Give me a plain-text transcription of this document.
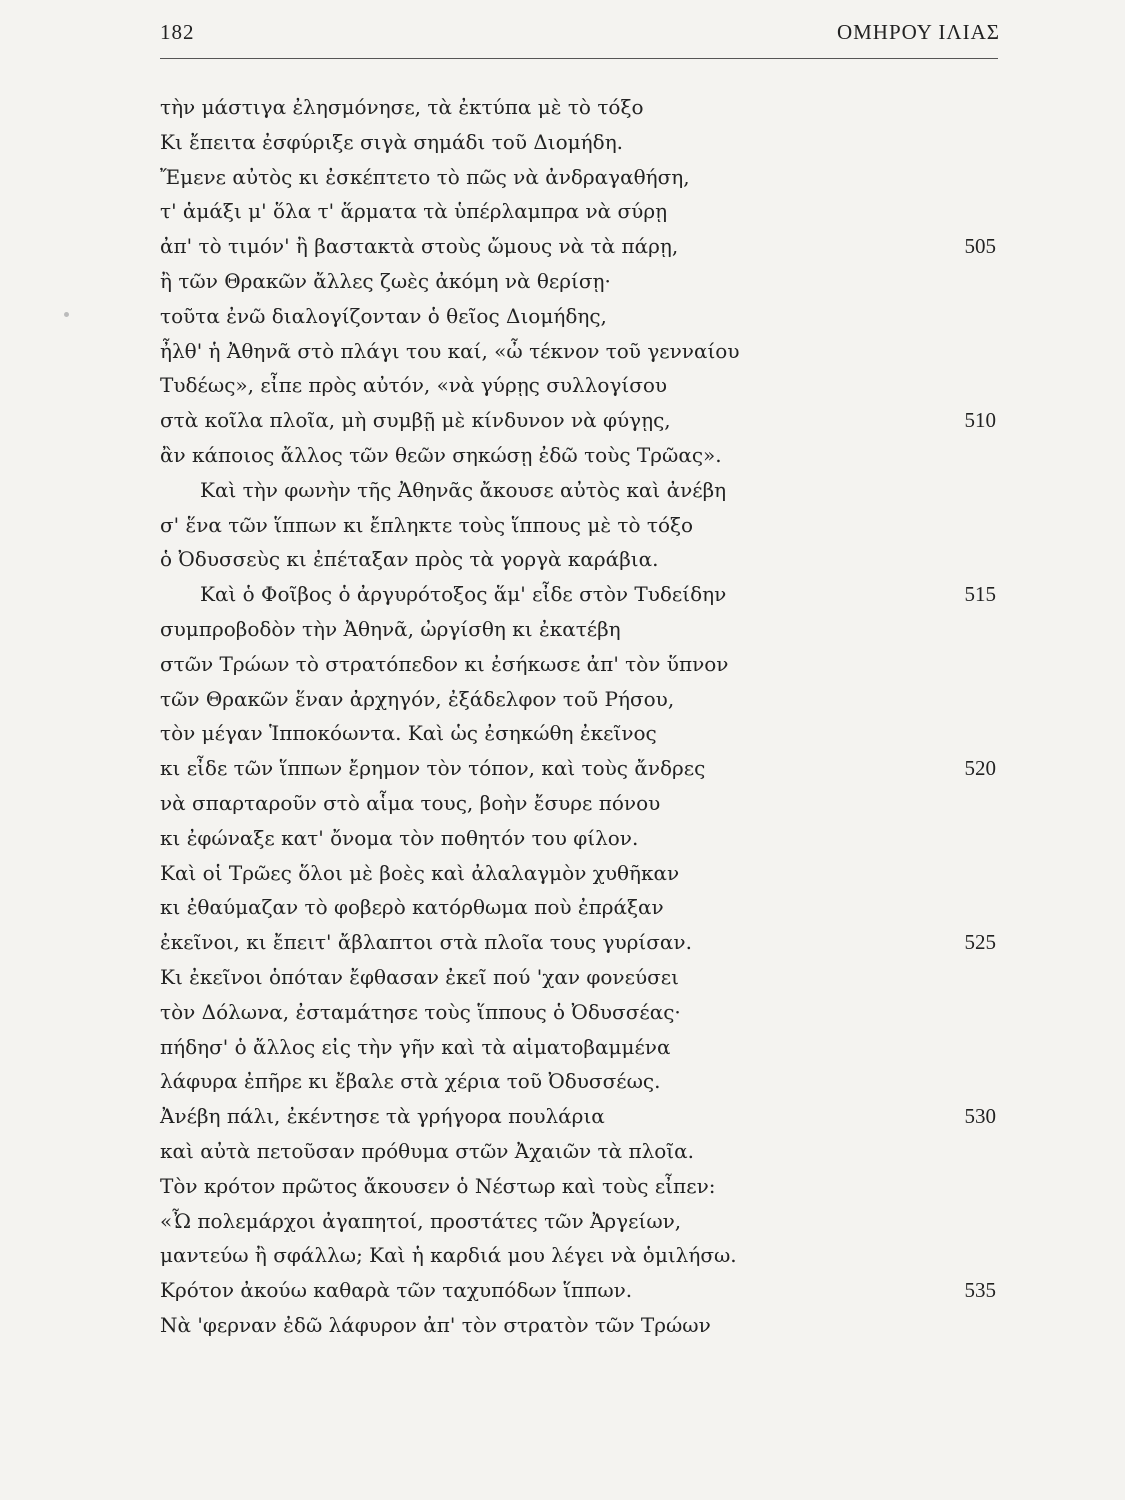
182	ΟΜΗΡΟΥ ΙΛΙΑΣ
τὴν μάστιγα ἐλησμόνησε, τὰ ἐκτύπα μὲ τὸ τόξο
Κι ἔπειτα ἐσφύριξε σιγὰ σημάδι τοῦ Διομήδη.
Ἔμενε αὐτὸς κι ἐσκέπτετο τὸ πῶς νὰ ἀνδραγαθήση,
τ' ἁμάξι μ' ὅλα τ' ἅρματα τὰ ὑπέρλαμπρα νὰ σύρῃ
ἀπ' τὸ τιμόν' ἢ βαστακτὰ στοὺς ὤμους νὰ τὰ πάρῃ,	505
ἢ τῶν Θρακῶν ἄλλες ζωὲς ἀκόμη νὰ θερίσῃ·
τοῦτα ἐνῶ διαλογίζονταν ὁ θεῖος Διομήδης,
ἦλθ' ἡ Ἀθηνᾶ στὸ πλάγι του καί, «ὦ τέκνον τοῦ γενναίου
Τυδέως», εἶπε πρὸς αὐτόν, «νὰ γύρῃς συλλογίσου
στὰ κοῖλα πλοῖα, μὴ συμβῇ μὲ κίνδυνον νὰ φύγῃς,	510
ἂν κάποιος ἄλλος τῶν θεῶν σηκώσῃ ἐδῶ τοὺς Τρῶας».
Καὶ τὴν φωνὴν τῆς Ἀθηνᾶς ἄκουσε αὐτὸς καὶ ἀνέβη
σ' ἕνα τῶν ἵππων κι ἔπληκτε τοὺς ἵππους μὲ τὸ τόξο
ὁ Ὀδυσσεὺς κι ἐπέταξαν πρὸς τὰ γοργὰ καράβια.
Καὶ ὁ Φοῖβος ὁ ἀργυρότοξος ἅμ' εἶδε στὸν Τυδείδην	515
συμπροβοδὸν τὴν Ἀθηνᾶ, ὠργίσθη κι ἐκατέβη
στῶν Τρώων τὸ στρατόπεδον κι ἐσήκωσε ἀπ' τὸν ὕπνον
τῶν Θρακῶν ἕναν ἀρχηγόν, ἐξάδελφον τοῦ Ρήσου,
τὸν μέγαν Ἱπποκόωντα. Καὶ ὡς ἐσηκώθη ἐκεῖνος
κι εἶδε τῶν ἵππων ἔρημον τὸν τόπον, καὶ τοὺς ἄνδρες	520
νὰ σπαρταροῦν στὸ αἷμα τους, βοὴν ἔσυρε πόνου
κι ἐφώναξε κατ' ὄνομα τὸν ποθητόν του φίλον.
Καὶ οἱ Τρῶες ὅλοι μὲ βοὲς καὶ ἀλαλαγμὸν χυθῆκαν
κι ἐθαύμαζαν τὸ φοβερὸ κατόρθωμα ποὺ ἐπράξαν
ἐκεῖνοι, κι ἔπειτ' ἄβλαπτοι στὰ πλοῖα τους γυρίσαν.	525
Κι ἐκεῖνοι ὁπόταν ἔφθασαν ἐκεῖ πού 'χαν φονεύσει
τὸν Δόλωνα, ἐσταμάτησε τοὺς ἵππους ὁ Ὀδυσσέας·
πήδησ' ὁ ἄλλος εἰς τὴν γῆν καὶ τὰ αἱματοβαμμένα
λάφυρα ἐπῆρε κι ἔβαλε στὰ χέρια τοῦ Ὀδυσσέως.
Ἀνέβη πάλι, ἐκέντησε τὰ γρήγορα πουλάρια	530
καὶ αὐτὰ πετοῦσαν πρόθυμα στῶν Ἀχαιῶν τὰ πλοῖα.
Τὸν κρότον πρῶτος ἄκουσεν ὁ Νέστωρ καὶ τοὺς εἶπεν:
«Ὦ πολεμάρχοι ἀγαπητοί, προστάτες τῶν Ἀργείων,
μαντεύω ἢ σφάλλω; Καὶ ἡ καρδιά μου λέγει νὰ ὁμιλήσω.
Κρότον ἀκούω καθαρὰ τῶν ταχυπόδων ἵππων.	535
Νὰ 'φερναν ἐδῶ λάφυρον ἀπ' τὸν στρατὸν τῶν Τρώων
